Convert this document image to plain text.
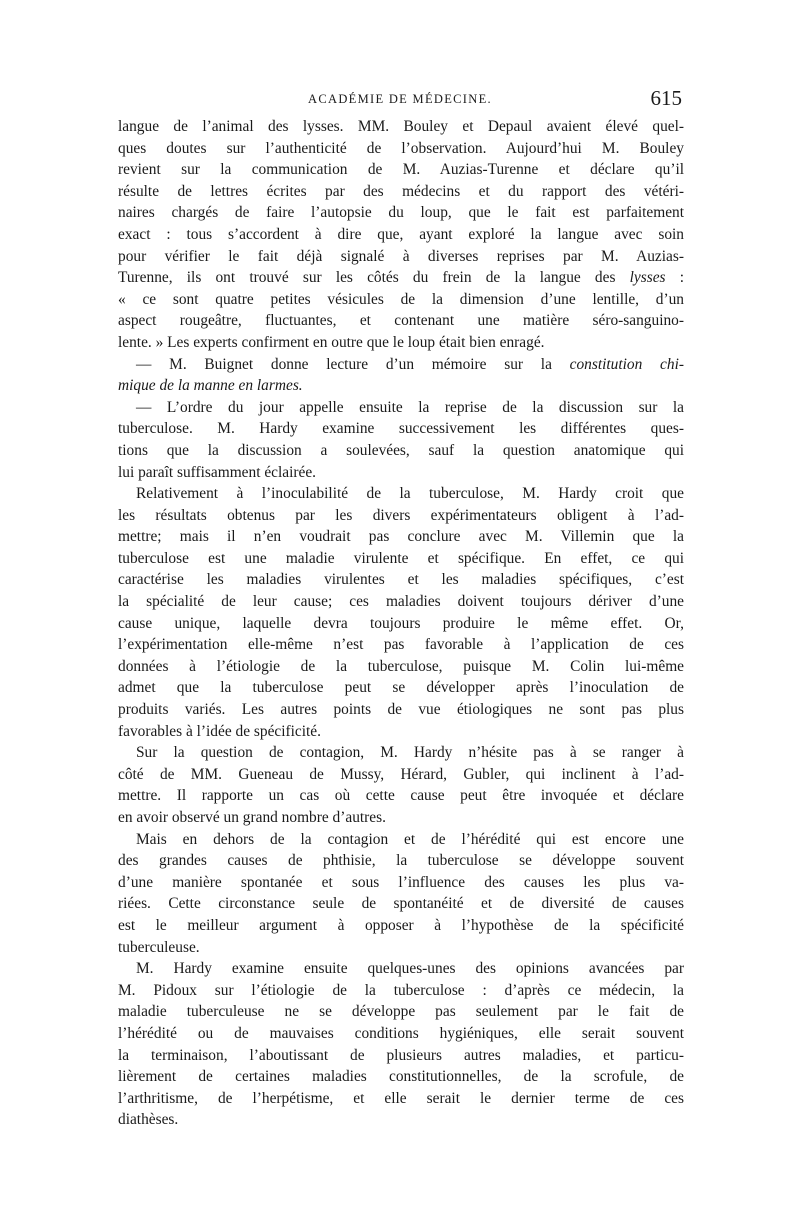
ACADÉMIE DE MÉDECINE.	615
langue de l’animal des lysses. MM. Bouley et Depaul avaient élevé quel-
ques doutes sur l’authenticité de l’observation. Aujourd’hui M. Bouley
revient sur la communication de M. Auzias-Turenne et déclare qu’il
résulte de lettres écrites par des médecins et du rapport des vétéri-
naires chargés de faire l’autopsie du loup, que le fait est parfaitement
exact : tous s’accordent à dire que, ayant exploré la langue avec soin
pour vérifier le fait déjà signalé à diverses reprises par M. Auzias-
Turenne, ils ont trouvé sur les côtés du frein de la langue des lysses :
« ce sont quatre petites vésicules de la dimension d’une lentille, d’un
aspect rougeâtre, fluctuantes, et contenant une matière séro-sanguino-
lente. » Les experts confirment en outre que le loup était bien enragé.
— M. Buignet donne lecture d’un mémoire sur la constitution chi-
mique de la manne en larmes.
— L’ordre du jour appelle ensuite la reprise de la discussion sur la
tuberculose. M. Hardy examine successivement les différentes ques-
tions que la discussion a soulevées, sauf la question anatomique qui
lui paraît suffisamment éclairée.
Relativement à l’inoculabilité de la tuberculose, M. Hardy croit que
les résultats obtenus par les divers expérimentateurs obligent à l’ad-
mettre; mais il n’en voudrait pas conclure avec M. Villemin que la
tuberculose est une maladie virulente et spécifique. En effet, ce qui
caractérise les maladies virulentes et les maladies spécifiques, c’est
la spécialité de leur cause; ces maladies doivent toujours dériver d’une
cause unique, laquelle devra toujours produire le même effet. Or,
l’expérimentation elle-même n’est pas favorable à l’application de ces
données à l’étiologie de la tuberculose, puisque M. Colin lui-même
admet que la tuberculose peut se développer après l’inoculation de
produits variés. Les autres points de vue étiologiques ne sont pas plus
favorables à l’idée de spécificité.
Sur la question de contagion, M. Hardy n’hésite pas à se ranger à
côté de MM. Gueneau de Mussy, Hérard, Gubler, qui inclinent à l’ad-
mettre. Il rapporte un cas où cette cause peut être invoquée et déclare
en avoir observé un grand nombre d’autres.
Mais en dehors de la contagion et de l’hérédité qui est encore une
des grandes causes de phthisie, la tuberculose se développe souvent
d’une manière spontanée et sous l’influence des causes les plus va-
riées. Cette circonstance seule de spontanéité et de diversité de causes
est le meilleur argument à opposer à l’hypothèse de la spécificité
tuberculeuse.
M. Hardy examine ensuite quelques-unes des opinions avancées par
M. Pidoux sur l’étiologie de la tuberculose : d’après ce médecin, la
maladie tuberculeuse ne se développe pas seulement par le fait de
l’hérédité ou de mauvaises conditions hygiéniques, elle serait souvent
la terminaison, l’aboutissant de plusieurs autres maladies, et particu-
lièrement de certaines maladies constitutionnelles, de la scrofule, de
l’arthritisme, de l’herpétisme, et elle serait le dernier terme de ces
diathèses.
